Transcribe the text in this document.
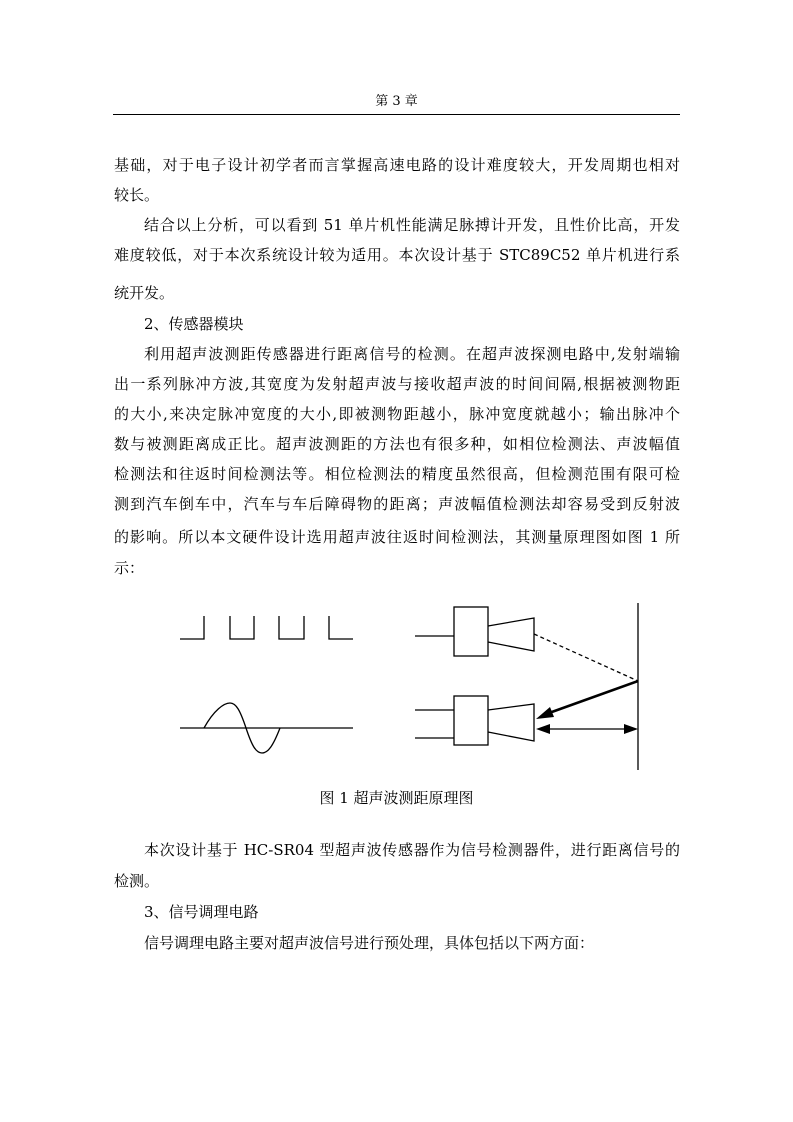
第 3 章
基础，对于电子设计初学者而言掌握高速电路的设计难度较大，开发周期也相对
较长。
结合以上分析，可以看到 51 单片机性能满足脉搏计开发，且性价比高，开发
难度较低，对于本次系统设计较为适用。本次设计基于 STC89C52 单片机进行系
统开发。
2、传感器模块
利用超声波测距传感器进行距离信号的检测。在超声波探测电路中,发射端输
出一系列脉冲方波,其宽度为发射超声波与接收超声波的时间间隔,根据被测物距
的大小,来决定脉冲宽度的大小,即被测物距越小，脉冲宽度就越小；输出脉冲个
数与被测距离成正比。超声波测距的方法也有很多种，如相位检测法、声波幅值
检测法和往返时间检测法等。相位检测法的精度虽然很高，但检测范围有限可检
测到汽车倒车中，汽车与车后障碍物的距离；声波幅值检测法却容易受到反射波
的影响。所以本文硬件设计选用超声波往返时间检测法，其测量原理图如图 1 所
示：
图 1 超声波测距原理图
本次设计基于 HC-SR04 型超声波传感器作为信号检测器件，进行距离信号的
检测。
3、信号调理电路
信号调理电路主要对超声波信号进行预处理，具体包括以下两方面：
